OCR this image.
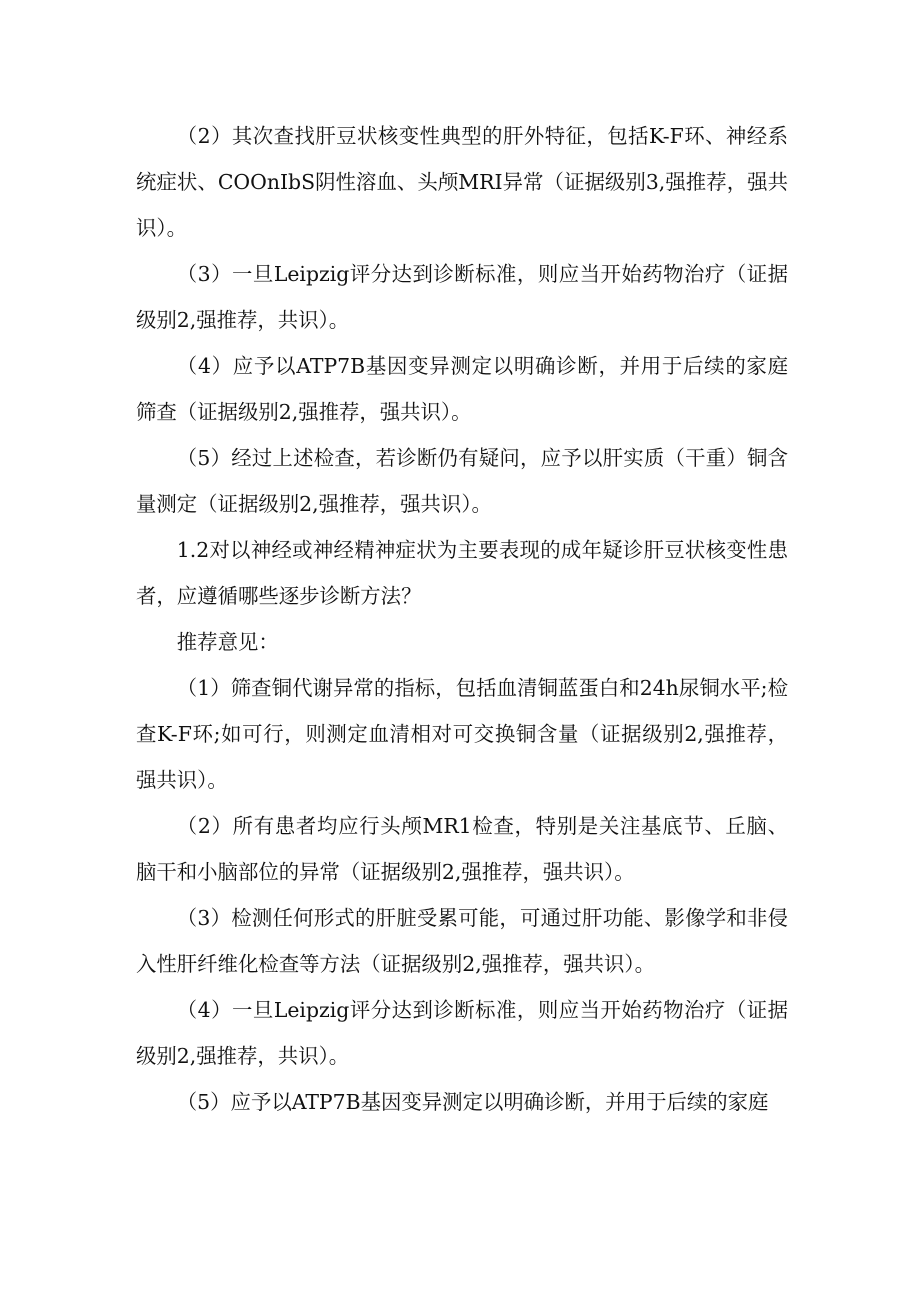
（2）其次查找肝豆状核变性典型的肝外特征，包括K-F环、神经系统症状、COOnIbS阴性溶血、头颅MRI异常（证据级别3,强推荐，强共识）。

（3）一旦Leipzig评分达到诊断标准，则应当开始药物治疗（证据级别2,强推荐，共识）。

（4）应予以ATP7B基因变异测定以明确诊断，并用于后续的家庭筛查（证据级别2,强推荐，强共识）。

（5）经过上述检查，若诊断仍有疑问，应予以肝实质（干重）铜含量测定（证据级别2,强推荐，强共识）。

1.2对以神经或神经精神症状为主要表现的成年疑诊肝豆状核变性患者，应遵循哪些逐步诊断方法？

推荐意见：

（1）筛查铜代谢异常的指标，包括血清铜蓝蛋白和24h尿铜水平;检查K-F环;如可行，则测定血清相对可交换铜含量（证据级别2,强推荐，强共识）。

（2）所有患者均应行头颅MR1检查，特别是关注基底节、丘脑、脑干和小脑部位的异常（证据级别2,强推荐，强共识）。

（3）检测任何形式的肝脏受累可能，可通过肝功能、影像学和非侵入性肝纤维化检查等方法（证据级别2,强推荐，强共识）。

（4）一旦Leipzig评分达到诊断标准，则应当开始药物治疗（证据级别2,强推荐，共识）。

（5）应予以ATP7B基因变异测定以明确诊断，并用于后续的家庭
